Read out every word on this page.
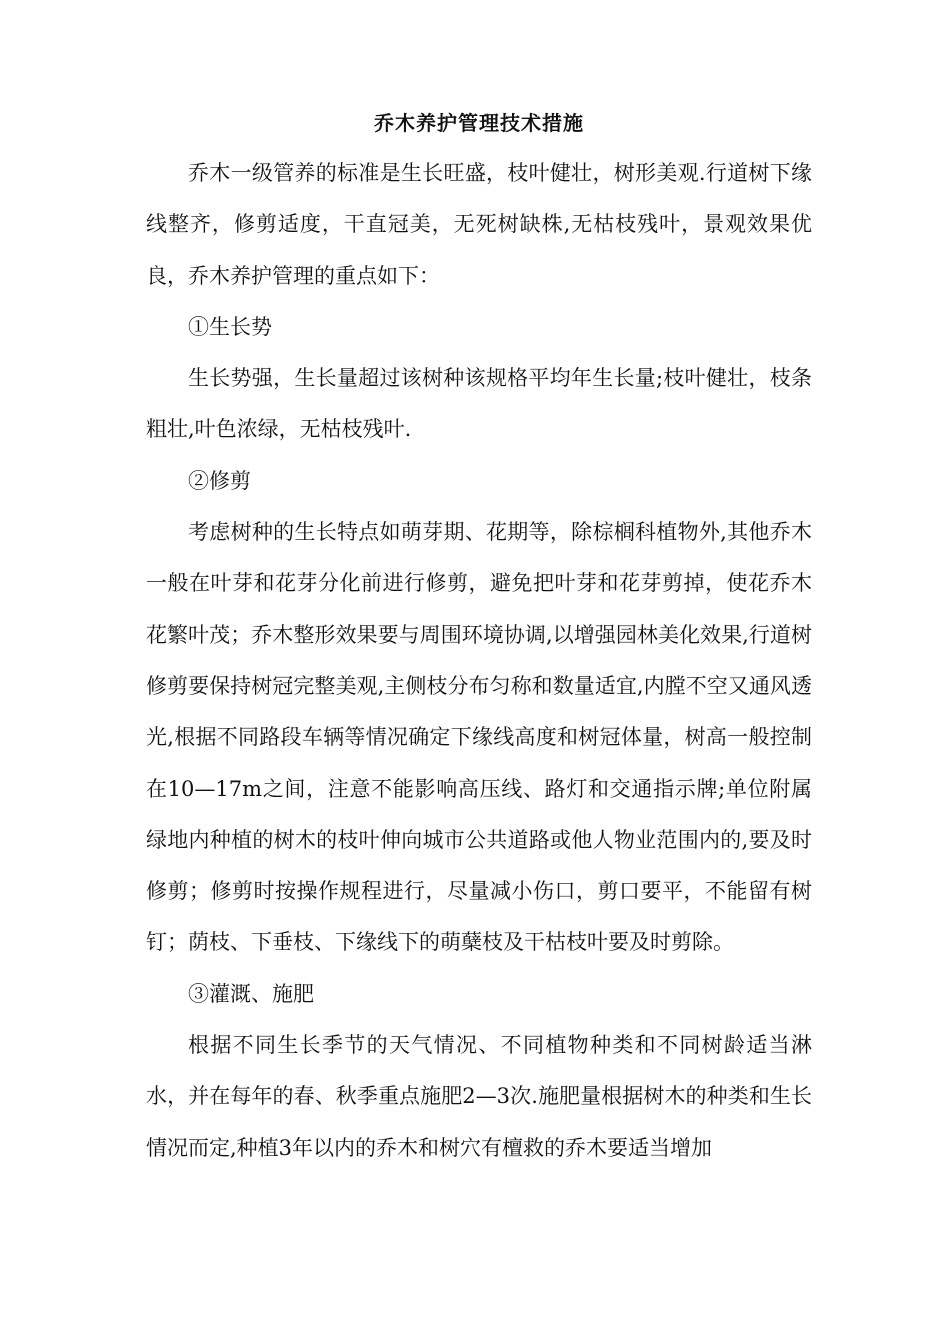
乔木养护管理技术措施

乔木一级管养的标准是生长旺盛，枝叶健壮，树形美观.行道树下缘线整齐，修剪适度，干直冠美，无死树缺株,无枯枝残叶，景观效果优良，乔木养护管理的重点如下：

①生长势

生长势强，生长量超过该树种该规格平均年生长量;枝叶健壮，枝条粗壮,叶色浓绿，无枯枝残叶.

②修剪

考虑树种的生长特点如萌芽期、花期等，除棕榈科植物外,其他乔木一般在叶芽和花芽分化前进行修剪，避免把叶芽和花芽剪掉，使花乔木花繁叶茂；乔木整形效果要与周围环境协调,以增强园林美化效果,行道树修剪要保持树冠完整美观,主侧枝分布匀称和数量适宜,内膛不空又通风透光,根据不同路段车辆等情况确定下缘线高度和树冠体量，树高一般控制在10—17m之间，注意不能影响高压线、路灯和交通指示牌;单位附属绿地内种植的树木的枝叶伸向城市公共道路或他人物业范围内的,要及时修剪；修剪时按操作规程进行，尽量减小伤口，剪口要平，不能留有树钉；荫枝、下垂枝、下缘线下的萌蘖枝及干枯枝叶要及时剪除。

③灌溉、施肥

根据不同生长季节的天气情况、不同植物种类和不同树龄适当淋水，并在每年的春、秋季重点施肥2—3次.施肥量根据树木的种类和生长情况而定,种植3年以内的乔木和树穴有檀救的乔木要适当增加
